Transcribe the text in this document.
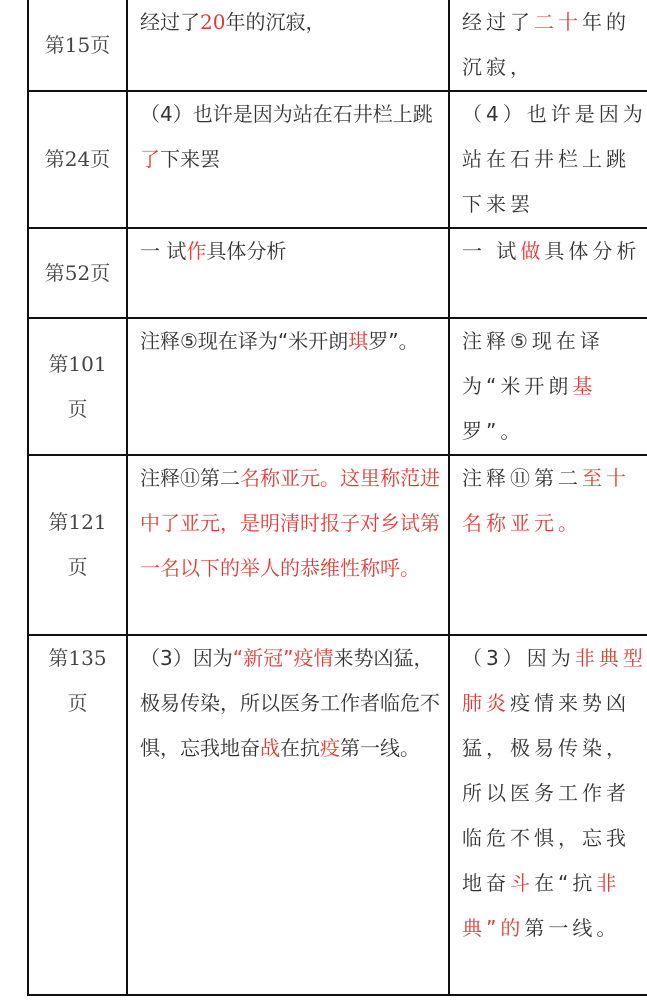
第15页	经过了20年的沉寂，	经过了二十年的沉寂，

第24页	（4）也许是因为站在石井栏上跳了下来罢	（4）也许是因为站在石井栏上跳下来罢

第52页	一 试作具体分析	一 试做具体分析

第101页	注释⑤现在译为“米开朗琪罗”。	注释⑤现在译为“米开朗基罗”。

第121页	注释⑪第二名称亚元。这里称范进中了亚元，是明清时报子对乡试第一名以下的举人的恭维性称呼。	注释⑪第二至十名称亚元。

第135页	（3）因为“新冠”疫情来势凶猛，极易传染，所以医务工作者临危不惧，忘我地奋战在抗疫第一线。	（3）因为非典型肺炎疫情来势凶猛，极易传染，所以医务工作者临危不惧，忘我地奋斗在“抗非典”的第一线。
